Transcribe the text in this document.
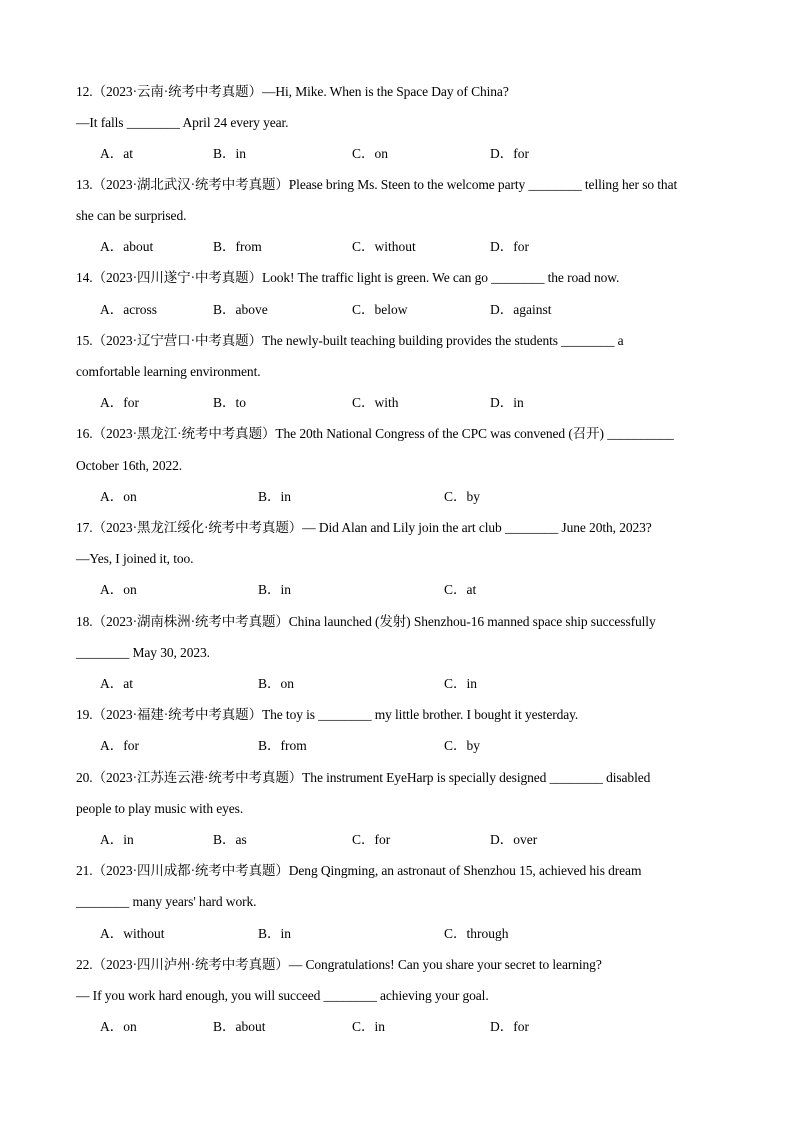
12.（2023·云南·统考中考真题）—Hi, Mike. When is the Space Day of China?
—It falls ________ April 24 every year.
A．at	B．in	C．on	D．for
13.（2023·湖北武汉·统考中考真题）Please bring Ms. Steen to the welcome party ________ telling her so that
she can be surprised.
A．about	B．from	C．without	D．for
14.（2023·四川遂宁·中考真题）Look! The traffic light is green. We can go ________ the road now.
A．across	B．above	C．below	D．against
15.（2023·辽宁营口·中考真题）The newly-built teaching building provides the students ________ a
comfortable learning environment.
A．for	B．to	C．with	D．in
16.（2023·黑龙江·统考中考真题）The 20th National Congress of the CPC was convened (召开) __________
October 16th, 2022.
A．on	B．in	C．by
17.（2023·黑龙江绥化·统考中考真题）— Did Alan and Lily join the art club ________ June 20th, 2023?
—Yes, I joined it, too.
A．on	B．in	C．at
18.（2023·湖南株洲·统考中考真题）China launched (发射) Shenzhou-16 manned space ship successfully
________ May 30, 2023.
A．at	B．on	C．in
19.（2023·福建·统考中考真题）The toy is ________ my little brother. I bought it yesterday.
A．for	B．from	C．by
20.（2023·江苏连云港·统考中考真题）The instrument EyeHarp is specially designed ________ disabled
people to play music with eyes.
A．in	B．as	C．for	D．over
21.（2023·四川成都·统考中考真题）Deng Qingming, an astronaut of Shenzhou 15, achieved his dream
________ many years' hard work.
A．without	B．in	C．through
22.（2023·四川泸州·统考中考真题）— Congratulations! Can you share your secret to learning?
— If you work hard enough, you will succeed ________ achieving your goal.
A．on	B．about	C．in	D．for
